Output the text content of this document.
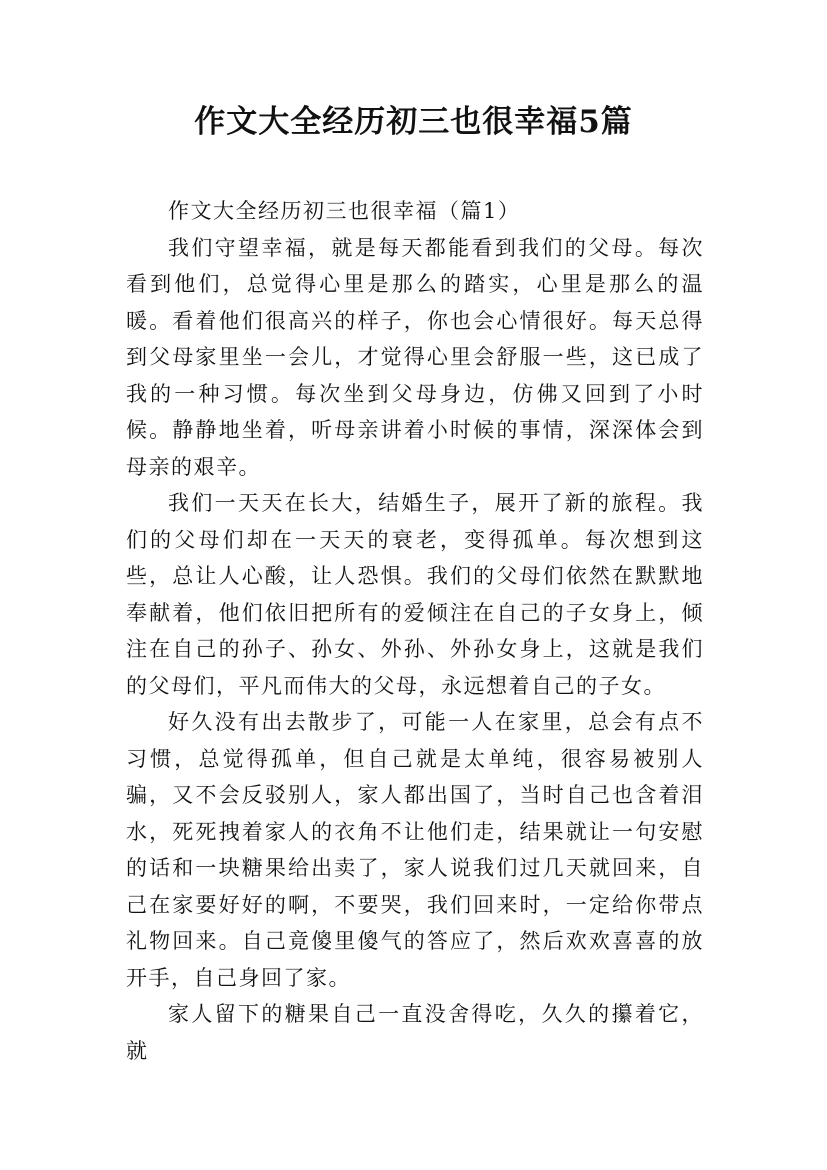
作文大全经历初三也很幸福5篇
作文大全经历初三也很幸福（篇1）

我们守望幸福，就是每天都能看到我们的父母。每次看到他们，总觉得心里是那么的踏实，心里是那么的温暖。看着他们很高兴的样子，你也会心情很好。每天总得到父母家里坐一会儿，才觉得心里会舒服一些，这已成了我的一种习惯。每次坐到父母身边，仿佛又回到了小时候。静静地坐着，听母亲讲着小时候的事情，深深体会到母亲的艰辛。

我们一天天在长大，结婚生子，展开了新的旅程。我们的父母们却在一天天的衰老，变得孤单。每次想到这些，总让人心酸，让人恐惧。我们的父母们依然在默默地奉献着，他们依旧把所有的爱倾注在自己的子女身上，倾注在自己的孙子、孙女、外孙、外孙女身上，这就是我们的父母们，平凡而伟大的父母，永远想着自己的子女。

好久没有出去散步了，可能一人在家里，总会有点不习惯，总觉得孤单，但自己就是太单纯，很容易被别人骗，又不会反驳别人，家人都出国了，当时自己也含着泪水，死死拽着家人的衣角不让他们走，结果就让一句安慰的话和一块糖果给出卖了，家人说我们过几天就回来，自己在家要好好的啊，不要哭，我们回来时，一定给你带点礼物回来。自己竟傻里傻气的答应了，然后欢欢喜喜的放开手，自己身回了家。

家人留下的糖果自己一直没舍得吃，久久的攥着它，就
